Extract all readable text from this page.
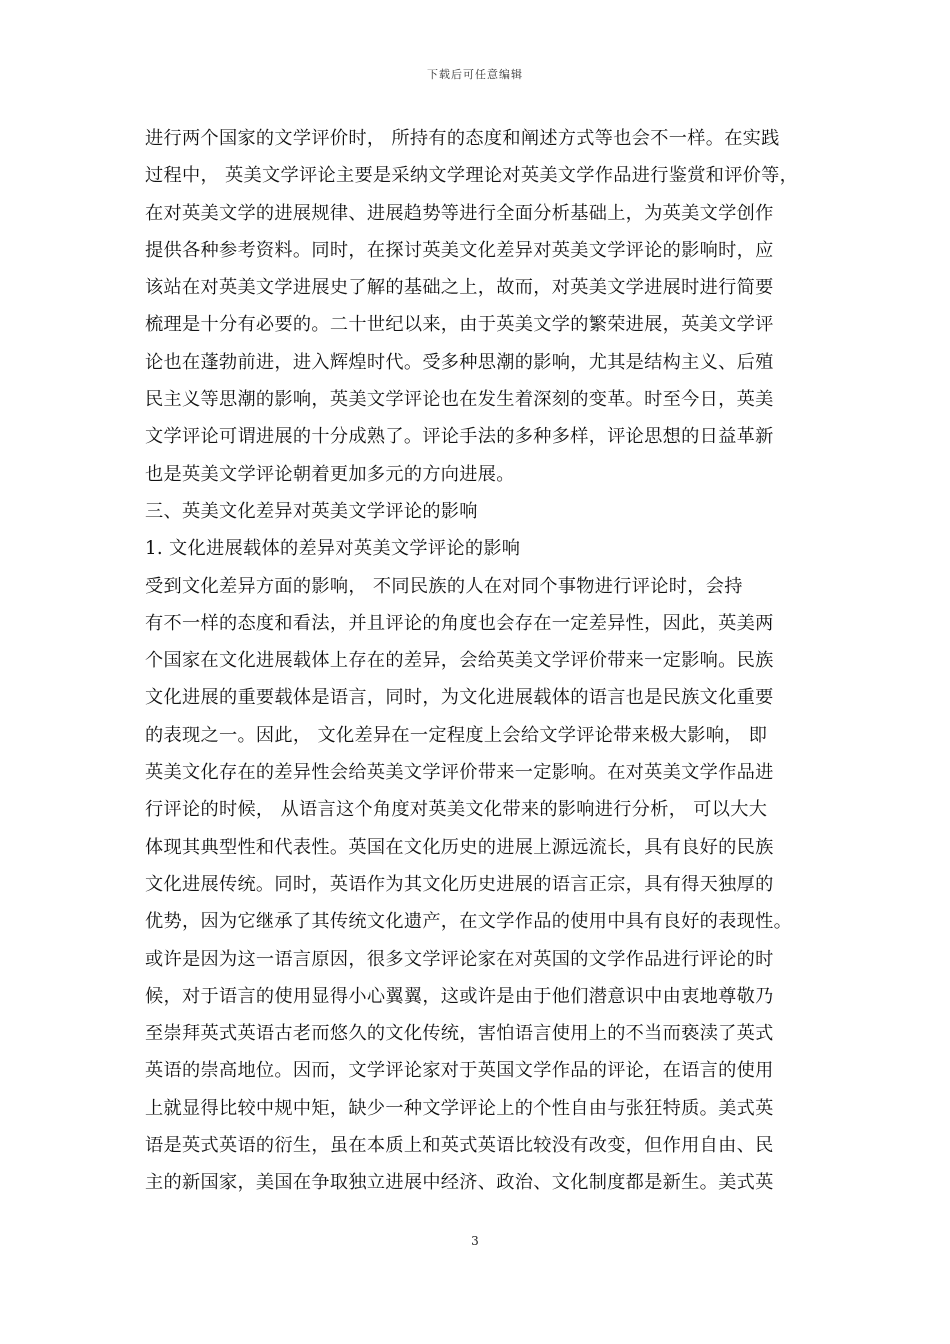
下载后可任意编辑
进行两个国家的文学评价时， 所持有的态度和阐述方式等也会不一样。在实践
过程中， 英美文学评论主要是采纳文学理论对英美文学作品进行鉴赏和评价等，
在对英美文学的进展规律、进展趋势等进行全面分析基础上，为英美文学创作
提供各种参考资料。同时，在探讨英美文化差异对英美文学评论的影响时，应
该站在对英美文学进展史了解的基础之上，故而，对英美文学进展时进行简要
梳理是十分有必要的。二十世纪以来，由于英美文学的繁荣进展，英美文学评
论也在蓬勃前进，进入辉煌时代。受多种思潮的影响，尤其是结构主义、后殖
民主义等思潮的影响，英美文学评论也在发生着深刻的变革。时至今日，英美
文学评论可谓进展的十分成熟了。评论手法的多种多样，评论思想的日益革新
也是英美文学评论朝着更加多元的方向进展。
三、英美文化差异对英美文学评论的影响
1. 文化进展载体的差异对英美文学评论的影响
受到文化差异方面的影响， 不同民族的人在对同个事物进行评论时，会持
有不一样的态度和看法，并且评论的角度也会存在一定差异性，因此，英美两
个国家在文化进展载体上存在的差异，会给英美文学评价带来一定影响。民族
文化进展的重要载体是语言，同时，为文化进展载体的语言也是民族文化重要
的表现之一。因此， 文化差异在一定程度上会给文学评论带来极大影响， 即
英美文化存在的差异性会给英美文学评价带来一定影响。在对英美文学作品进
行评论的时候， 从语言这个角度对英美文化带来的影响进行分析， 可以大大
体现其典型性和代表性。英国在文化历史的进展上源远流长，具有良好的民族
文化进展传统。同时，英语作为其文化历史进展的语言正宗，具有得天独厚的
优势，因为它继承了其传统文化遗产，在文学作品的使用中具有良好的表现性。
或许是因为这一语言原因，很多文学评论家在对英国的文学作品进行评论的时
候，对于语言的使用显得小心翼翼，这或许是由于他们潜意识中由衷地尊敬乃
至崇拜英式英语古老而悠久的文化传统，害怕语言使用上的不当而亵渎了英式
英语的崇高地位。因而，文学评论家对于英国文学作品的评论，在语言的使用
上就显得比较中规中矩，缺少一种文学评论上的个性自由与张狂特质。美式英
语是英式英语的衍生，虽在本质上和英式英语比较没有改变，但作用自由、民
主的新国家，美国在争取独立进展中经济、政治、文化制度都是新生。美式英
3
